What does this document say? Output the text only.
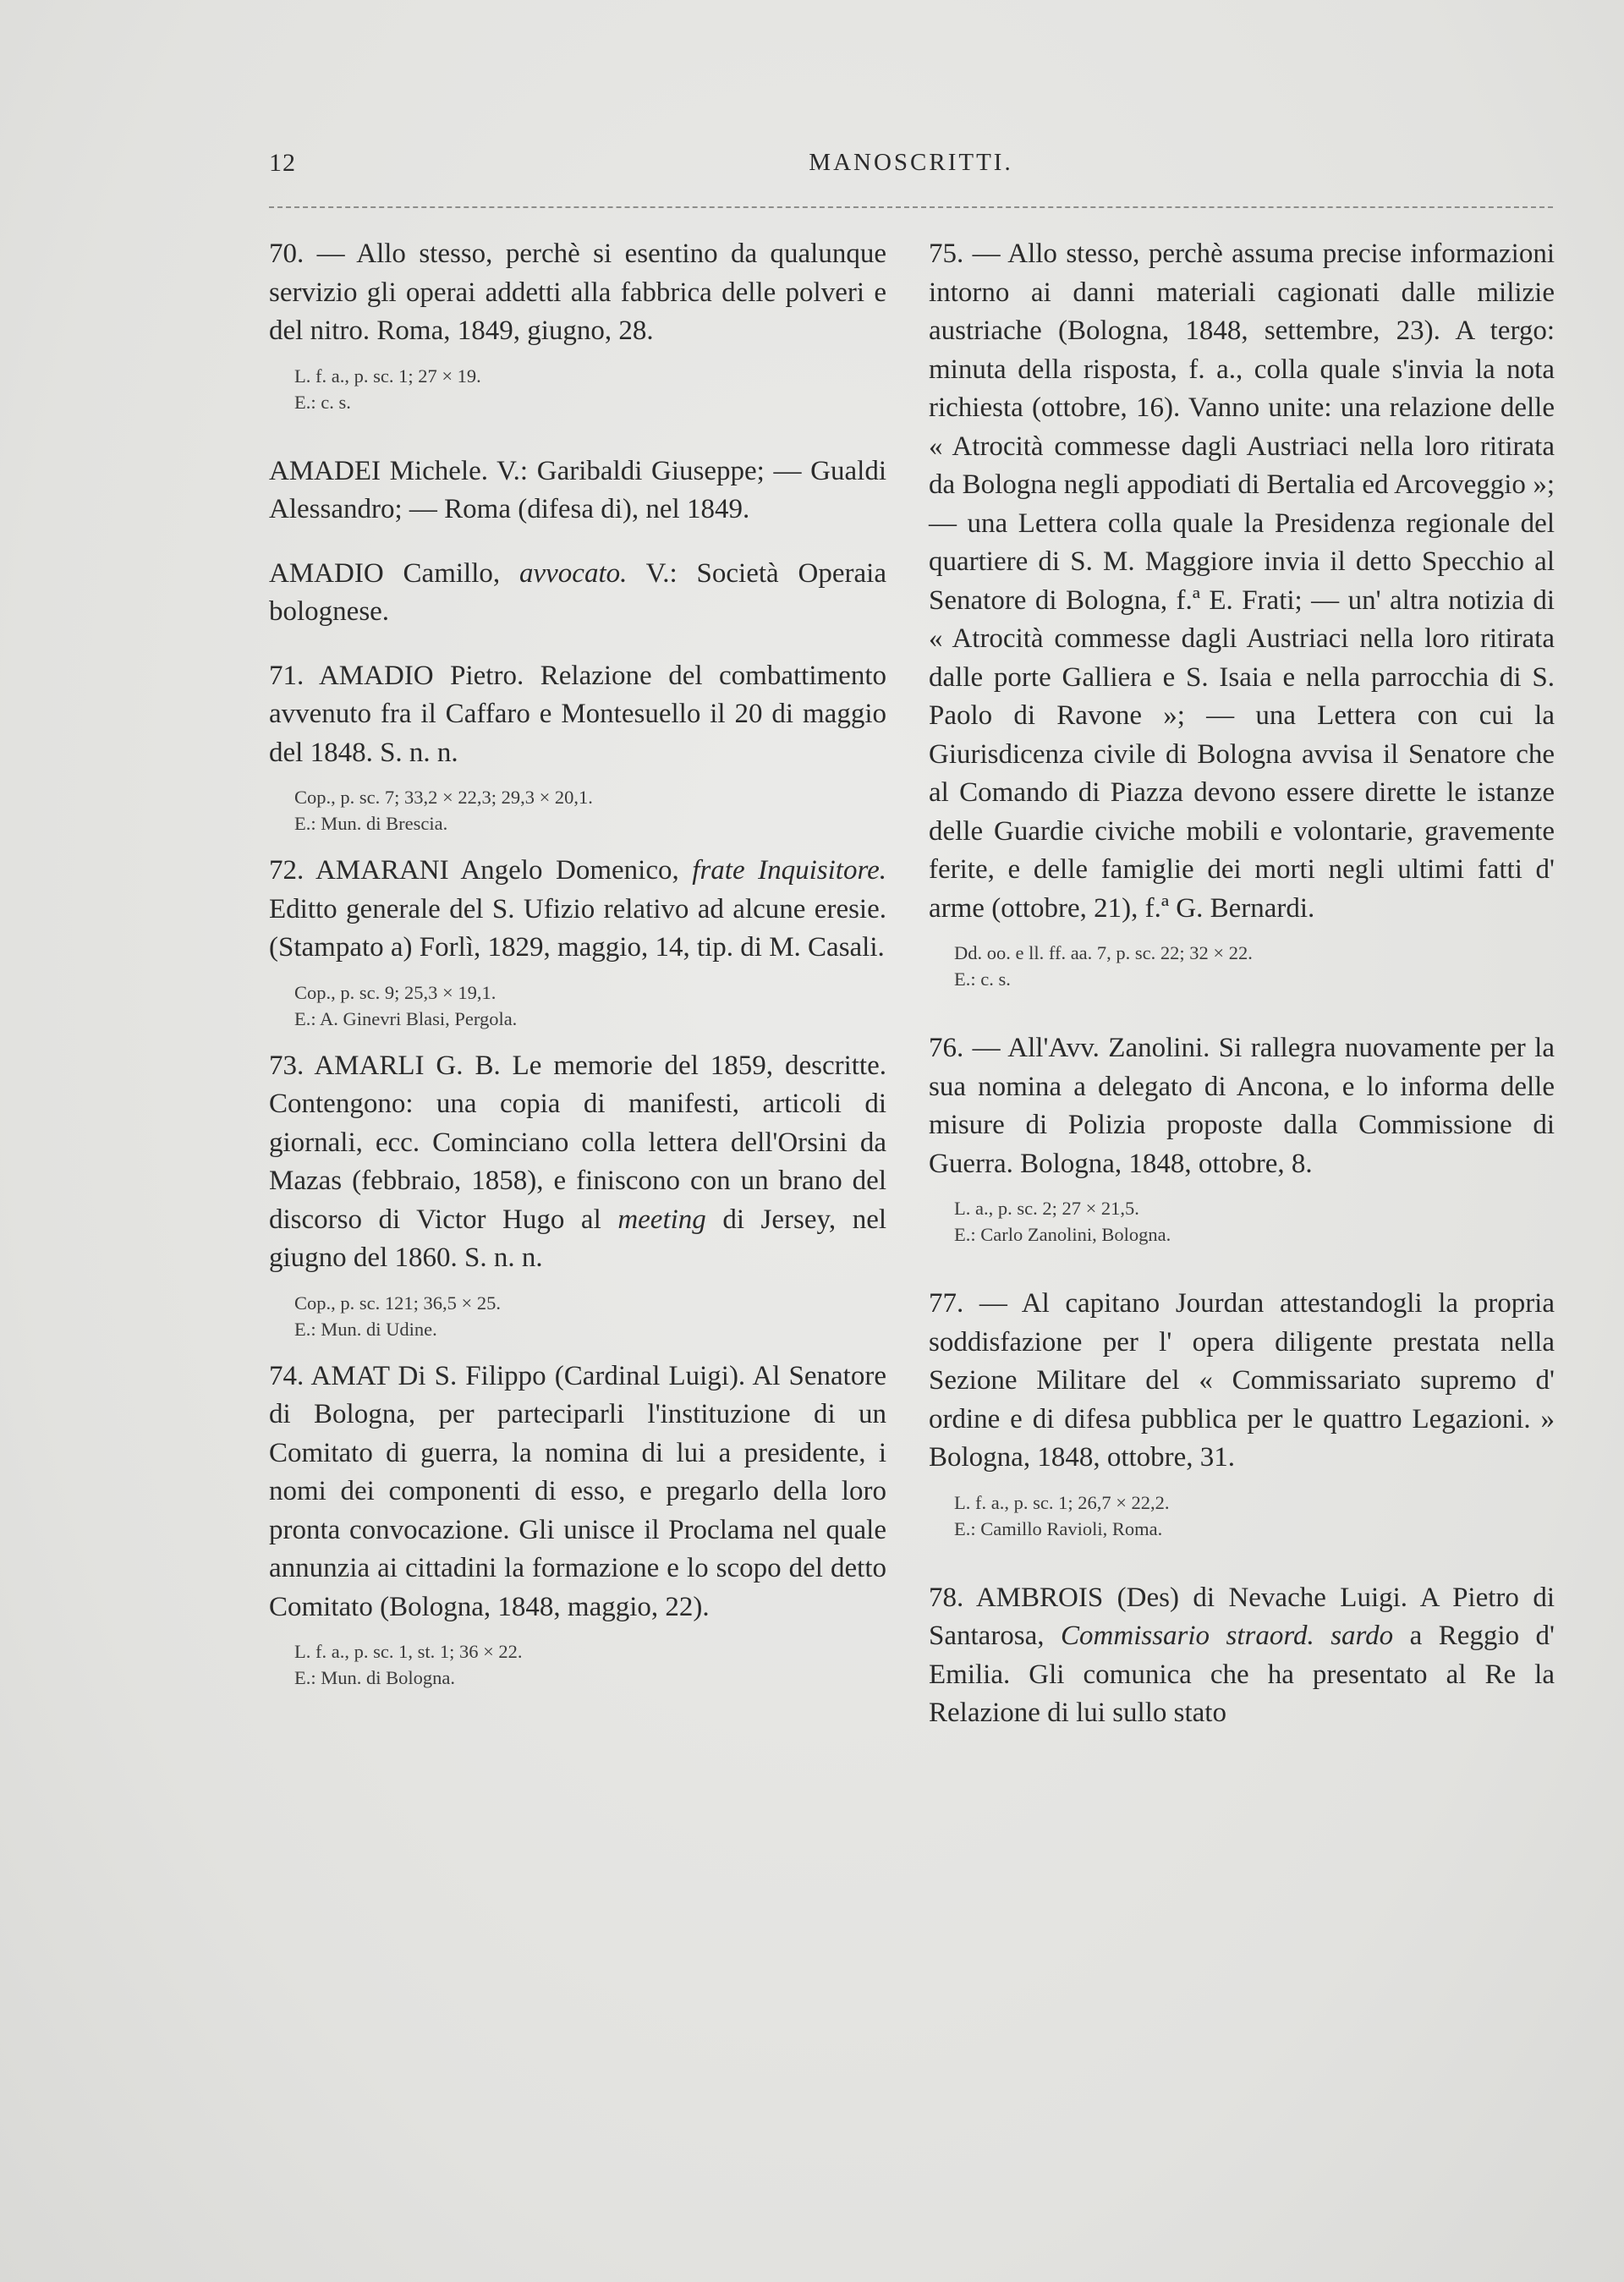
12	MANOSCRITTI.

70. — Allo stesso, perchè si esentino da qualunque servizio gli operai addetti alla fabbrica delle polveri e del nitro. Roma, 1849, giugno, 28.

L. f. a., p. sc. 1; 27 × 19.
E.: c. s.

AMADEI Michele. V.: Garibaldi Giuseppe; — Gualdi Alessandro; — Roma (difesa di), nel 1849.

AMADIO Camillo, avvocato. V.: Società Operaia bolognese.

71. AMADIO Pietro. Relazione del combattimento avvenuto fra il Caffaro e Montesuello il 20 di maggio del 1848. S. n. n.

Cop., p. sc. 7; 33,2 × 22,3; 29,3 × 20,1.
E.: Mun. di Brescia.

72. AMARANI Angelo Domenico, frate Inquisitore. Editto generale del S. Ufizio relativo ad alcune eresie. (Stampato a) Forlì, 1829, maggio, 14, tip. di M. Casali.

Cop., p. sc. 9; 25,3 × 19,1.
E.: A. Ginevri Blasi, Pergola.

73. AMARLI G. B. Le memorie del 1859, descritte. Contengono: una copia di manifesti, articoli di giornali, ecc. Cominciano colla lettera dell'Orsini da Mazas (febbraio, 1858), e finiscono con un brano del discorso di Victor Hugo al meeting di Jersey, nel giugno del 1860. S. n. n.

Cop., p. sc. 121; 36,5 × 25.
E.: Mun. di Udine.

74. AMAT Di S. Filippo (Cardinal Luigi). Al Senatore di Bologna, per parteciparli l'instituzione di un Comitato di guerra, la nomina di lui a presidente, i nomi dei componenti di esso, e pregarlo della loro pronta convocazione. Gli unisce il Proclama nel quale annunzia ai cittadini la formazione e lo scopo del detto Comitato (Bologna, 1848, maggio, 22).

L. f. a., p. sc. 1, st. 1; 36 × 22.
E.: Mun. di Bologna.

75. — Allo stesso, perchè assuma precise informazioni intorno ai danni materiali cagionati dalle milizie austriache (Bologna, 1848, settembre, 23). A tergo: minuta della risposta, f. a., colla quale s'invia la nota richiesta (ottobre, 16). Vanno unite: una relazione delle « Atrocità commesse dagli Austriaci nella loro ritirata da Bologna negli appodiati di Bertalia ed Arcoveggio »; — una Lettera colla quale la Presidenza regionale del quartiere di S. M. Maggiore invia il detto Specchio al Senatore di Bologna, f.ª E. Frati; — un' altra notizia di « Atrocità commesse dagli Austriaci nella loro ritirata dalle porte Galliera e S. Isaia e nella parrocchia di S. Paolo di Ravone »; — una Lettera con cui la Giurisdicenza civile di Bologna avvisa il Senatore che al Comando di Piazza devono essere dirette le istanze delle Guardie civiche mobili e volontarie, gravemente ferite, e delle famiglie dei morti negli ultimi fatti d' arme (ottobre, 21), f.ª G. Bernardi.

Dd. oo. e ll. ff. aa. 7, p. sc. 22; 32 × 22.
E.: c. s.

76. — All'Avv. Zanolini. Si rallegra nuovamente per la sua nomina a delegato di Ancona, e lo informa delle misure di Polizia proposte dalla Commissione di Guerra. Bologna, 1848, ottobre, 8.

L. a., p. sc. 2; 27 × 21,5.
E.: Carlo Zanolini, Bologna.

77. — Al capitano Jourdan attestandogli la propria soddisfazione per l' opera diligente prestata nella Sezione Militare del « Commissariato supremo d' ordine e di difesa pubblica per le quattro Legazioni. » Bologna, 1848, ottobre, 31.

L. f. a., p. sc. 1; 26,7 × 22,2.
E.: Camillo Ravioli, Roma.

78. AMBROIS (Des) di Nevache Luigi. A Pietro di Santarosa, Commissario straord. sardo a Reggio d' Emilia. Gli comunica che ha presentato al Re la Relazione di lui sullo stato
